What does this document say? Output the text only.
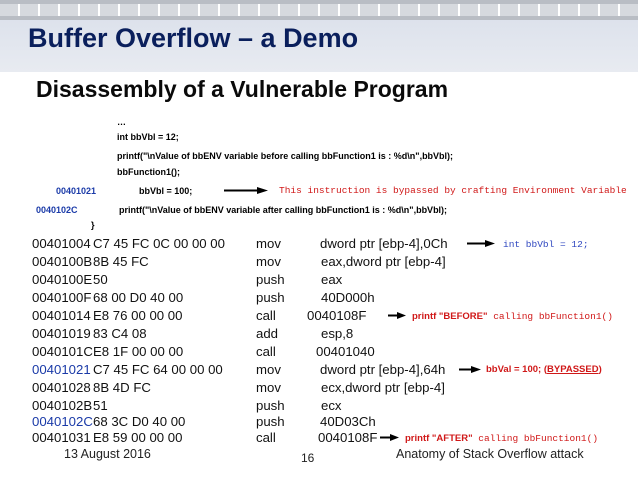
Buffer Overflow – a Demo
Disassembly of a Vulnerable Program
…
int bbVbl = 12;
printf("\nValue of bbENV variable before calling bbFunction1 is : %d\n",bbVbl);
bbFunction1();
00401021	bbVbl = 100;	This instruction is bypassed by crafting Environment Variable
0040102C	printf("\nValue of bbENV variable after calling bbFunction1 is : %d\n",bbVbl);
}
00401004 C7 45 FC 0C 00 00 00 mov	dword ptr [ebp-4],0Ch
0040100B 8B 45 FC	mov	eax,dword ptr [ebp-4]
0040100E 50	push	eax
0040100F 68 00 D0 40 00	push	40D000h
00401014 E8 76 00 00 00	call 0040108F
00401019 83 C4 08	add	esp,8
0040101C E8 1F 00 00 00	call	00401040
00401021 C7 45 FC 64 00 00 00	mov	dword ptr [ebp-4],64h
00401028 8B 4D FC	mov	ecx,dword ptr [ebp-4]
0040102B 51	push	ecx
0040102C 68 3C D0 40 00	push	40D03Ch
00401031 E8 59 00 00 00	call	0040108F
int bbVbl = 12;
printf "BEFORE" calling bbFunction1()
bbVal = 100; (BYPASSED)
printf "AFTER" calling bbFunction1()
13 August 2016	16	Anatomy of Stack Overflow attack
